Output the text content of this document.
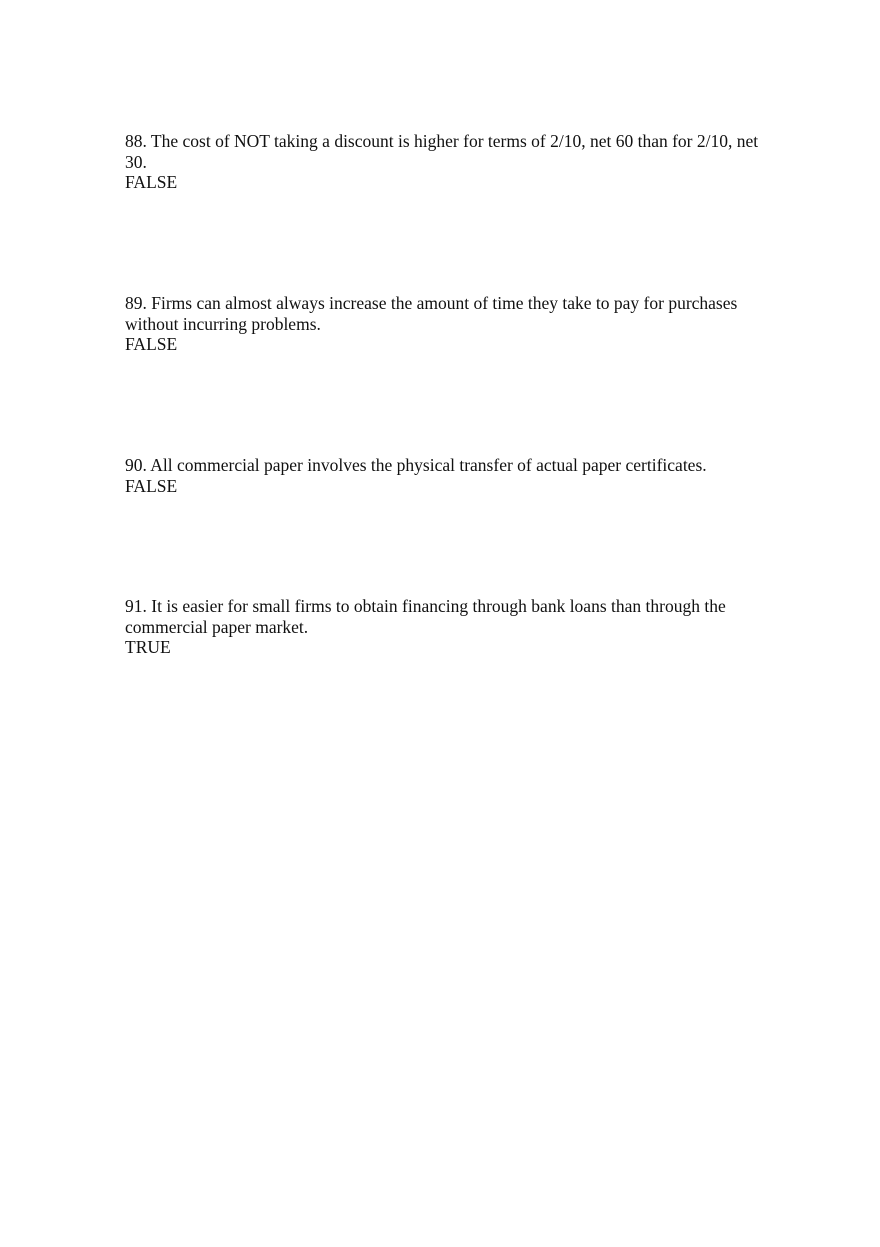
88. The cost of NOT taking a discount is higher for terms of 2/10, net 60 than for 2/10, net 30.

FALSE

89. Firms can almost always increase the amount of time they take to pay for purchases without incurring problems.

FALSE

90. All commercial paper involves the physical transfer of actual paper certificates.

FALSE

91. It is easier for small firms to obtain financing through bank loans than through the commercial paper market.

TRUE
